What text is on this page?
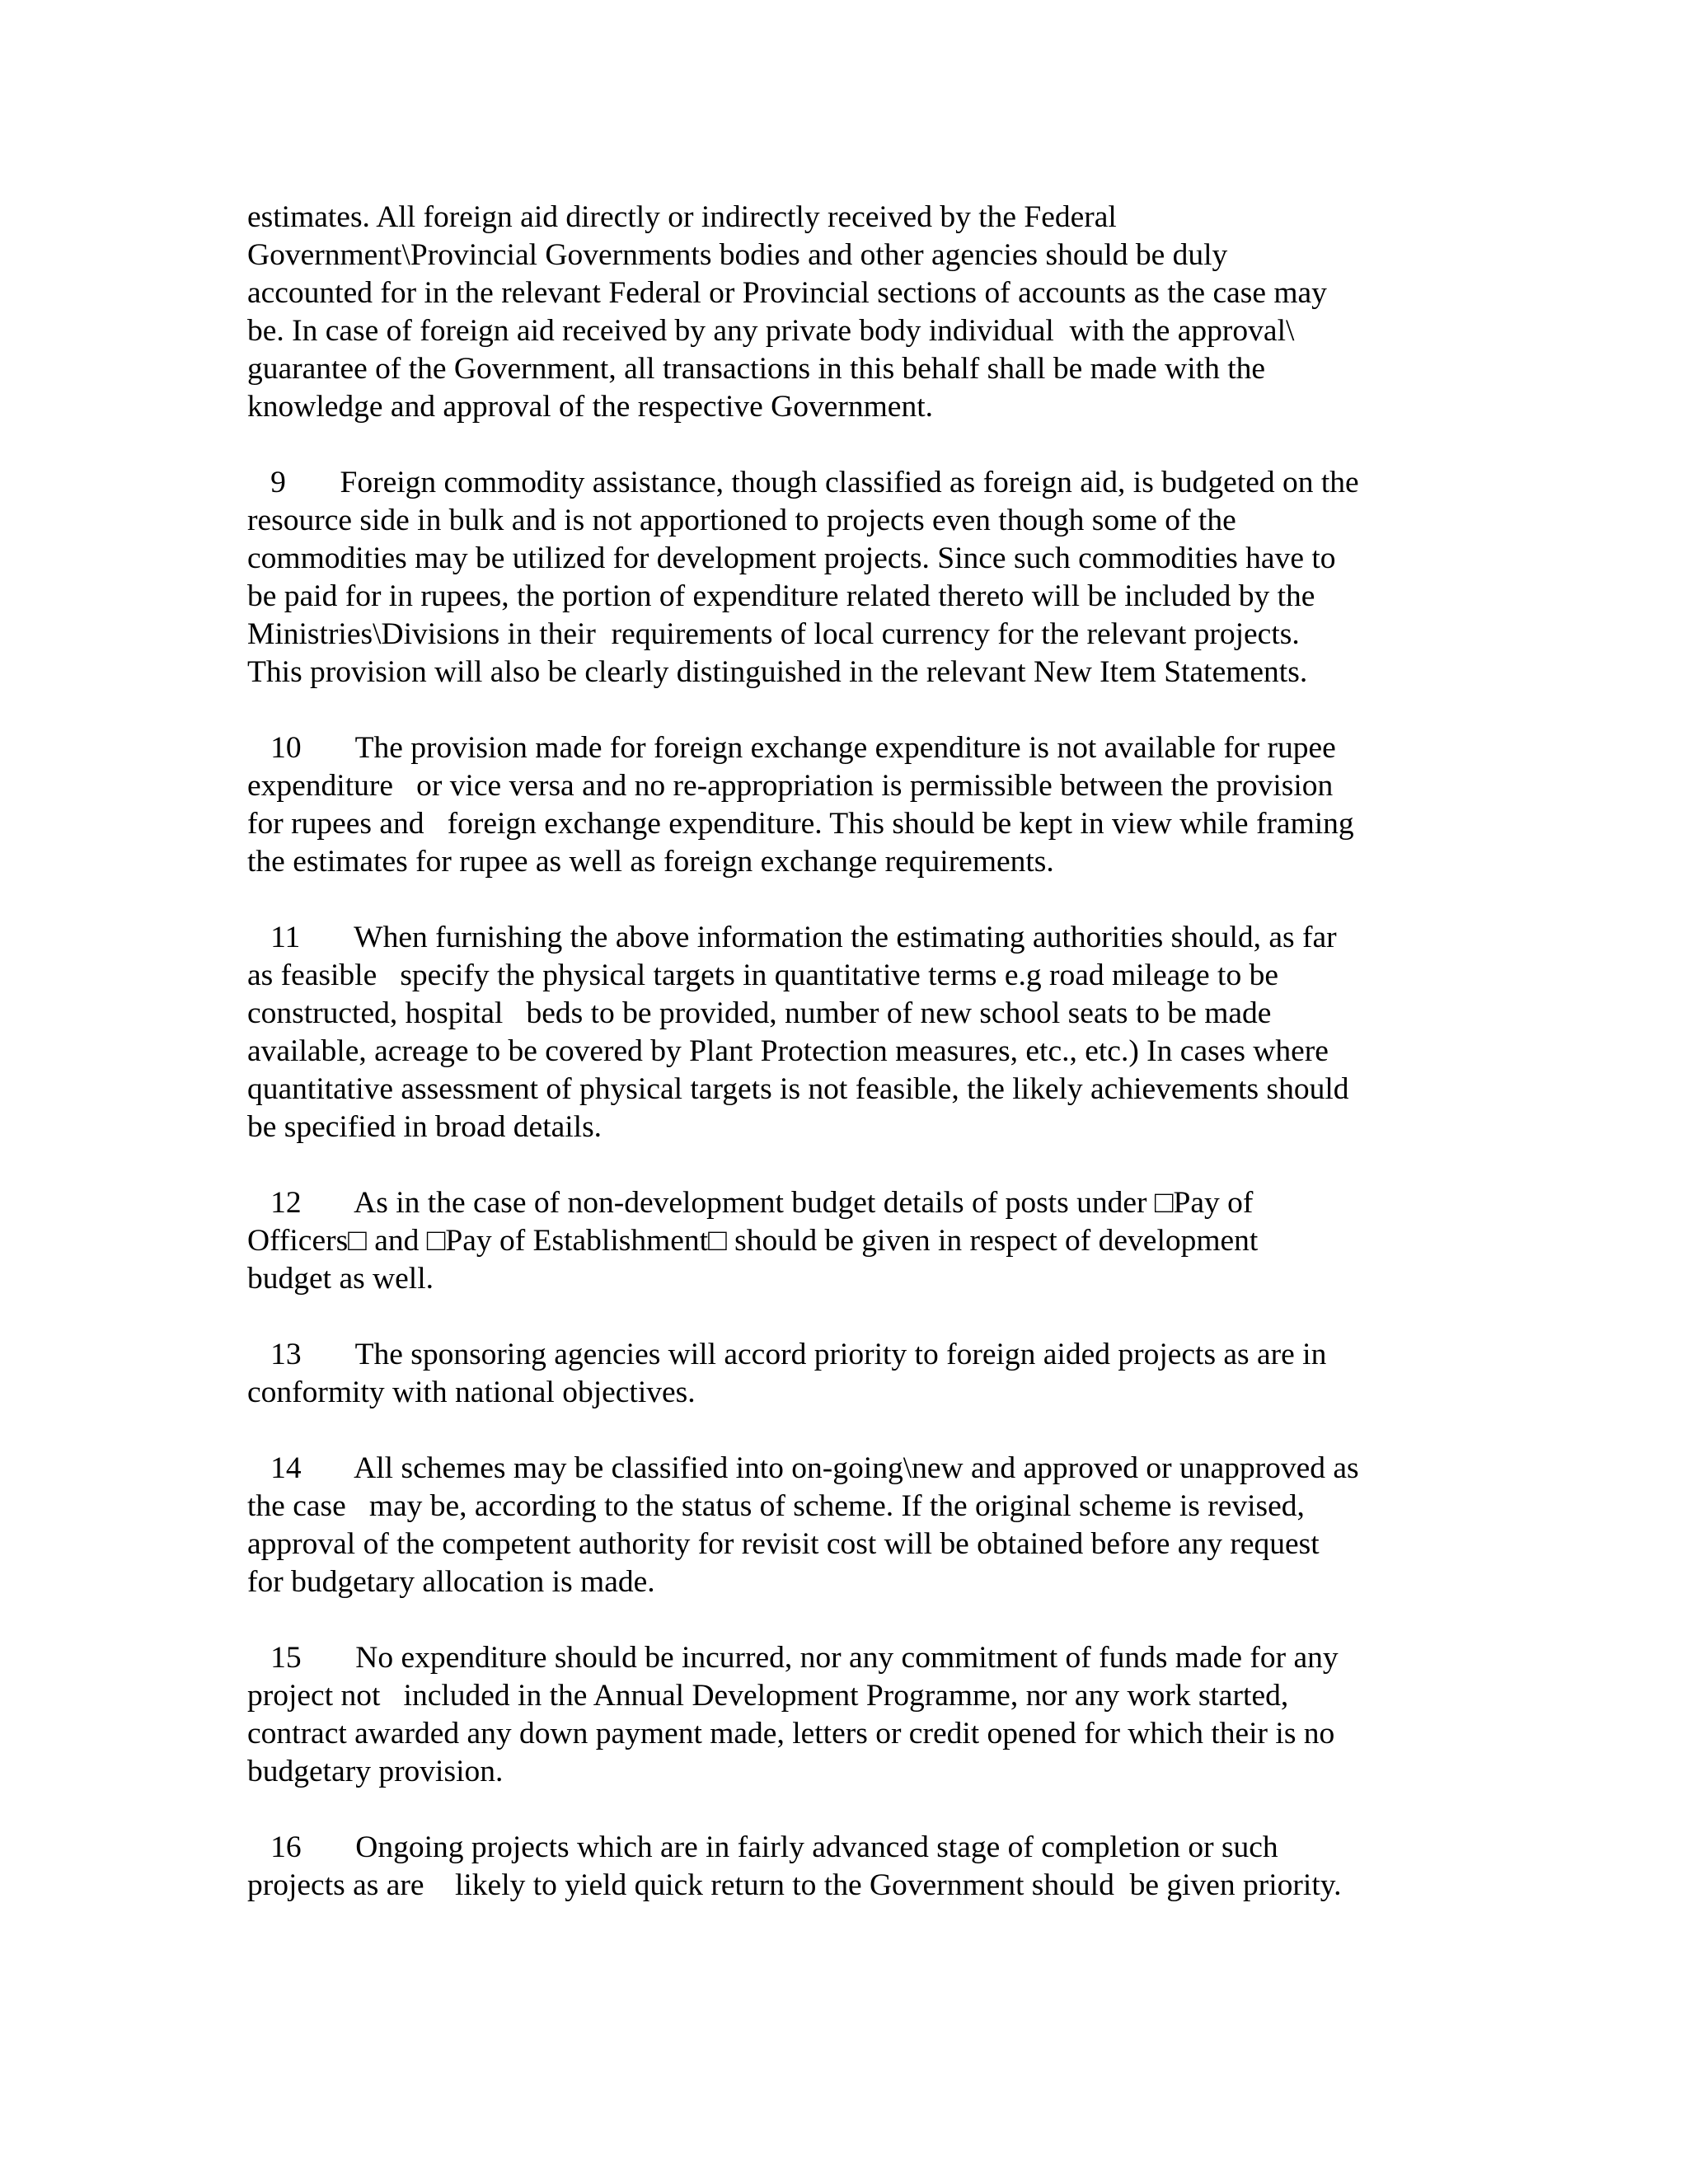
estimates. All foreign aid directly or indirectly received by the Federal
Government\Provincial Governments bodies and other agencies should be duly
accounted for in the relevant Federal or Provincial sections of accounts as the case may
be. In case of foreign aid received by any private body individual  with the approval\
guarantee of the Government, all transactions in this behalf shall be made with the
knowledge and approval of the respective Government.
9       Foreign commodity assistance, though classified as foreign aid, is budgeted on the
resource side in bulk and is not apportioned to projects even though some of the
commodities may be utilized for development projects. Since such commodities have to
be paid for in rupees, the portion of expenditure related thereto will be included by the
Ministries\Divisions in their  requirements of local currency for the relevant projects.
This provision will also be clearly distinguished in the relevant New Item Statements.
10       The provision made for foreign exchange expenditure is not available for rupee
expenditure   or vice versa and no re-appropriation is permissible between the provision
for rupees and   foreign exchange expenditure. This should be kept in view while framing
the estimates for rupee as well as foreign exchange requirements.
11       When furnishing the above information the estimating authorities should, as far
as feasible   specify the physical targets in quantitative terms e.g road mileage to be
constructed, hospital   beds to be provided, number of new school seats to be made
available, acreage to be covered by Plant Protection measures, etc., etc.) In cases where
quantitative assessment of physical targets is not feasible, the likely achievements should
be specified in broad details.
12       As in the case of non-development budget details of posts under □Pay of
Officers□ and □Pay of Establishment□ should be given in respect of development
budget as well.
13       The sponsoring agencies will accord priority to foreign aided projects as are in
conformity with national objectives.
14       All schemes may be classified into on-going\new and approved or unapproved as
the case   may be, according to the status of scheme. If the original scheme is revised,
approval of the competent authority for revisit cost will be obtained before any request
for budgetary allocation is made.
15       No expenditure should be incurred, nor any commitment of funds made for any
project not   included in the Annual Development Programme, nor any work started,
contract awarded any down payment made, letters or credit opened for which their is no
budgetary provision.
16       Ongoing projects which are in fairly advanced stage of completion or such
projects as are    likely to yield quick return to the Government should  be given priority.
